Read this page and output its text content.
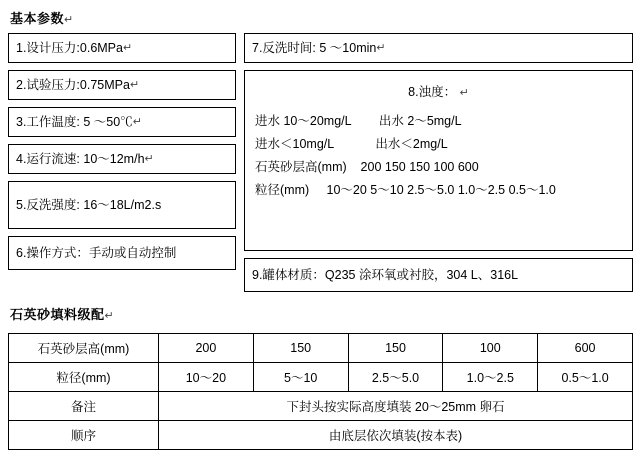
基本参数↵
1.设计压力:0.6MPa ↵
2.试验压力:0.75MPa ↵
3.工作温度: 5 ～50℃ ↵
4.运行流速: 10～12m/h ↵
5.反洗强度: 16～18L/m2.s
6.操作方式：手动或自动控制
7.反洗时间: 5 ～10min ↵
8.浊度： ↵
进水 10～20mg/L        出水 2～5mg/L
进水＜10mg/L            出水＜2mg/L
石英砂层高(mm)    200 150 150 100 600
粒径(mm)     10～20 5～10 2.5～5.0 1.0～2.5 0.5～1.0
9.罐体材质：Q235 涂环氧或衬胶，304 L、316L
石英砂填料级配↵
石英砂层高(mm)	200	150	150	100	600
粒径(mm)	10～20	5～10	2.5～5.0	1.0～2.5	0.5～1.0
备注	下封头按实际高度填装 20～25mm 卵石				
顺序	由底层依次填装(按本表)				
